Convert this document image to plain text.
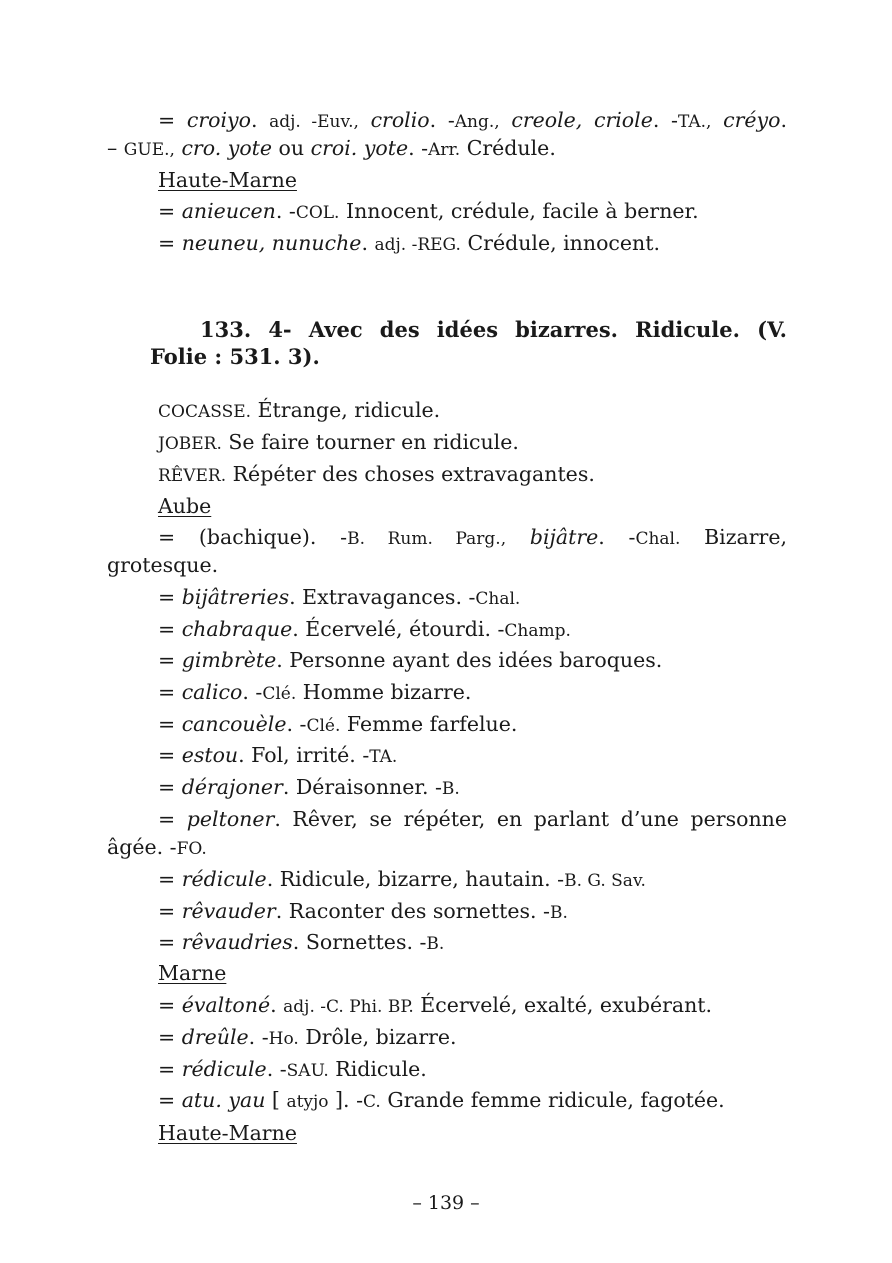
= croiyo. adj. -Euv., crolio. -Ang., creole, criole. -TA., créyo.
– GUE., cro. yote ou croi. yote. -Arr. Crédule.
Haute-Marne
= anieucen. -COL. Innocent, crédule, facile à berner.
= neuneu, nunuche. adj. -REG. Crédule, innocent.
133. 4- Avec des idées bizarres. Ridicule. (V.
Folie : 531. 3).
COCASSE. Étrange, ridicule.
JOBER. Se faire tourner en ridicule.
RÊVER. Répéter des choses extravagantes.
Aube
= (bachique). -B. Rum. Parg., bijâtre. -Chal. Bizarre,
grotesque.
= bijâtreries. Extravagances. -Chal.
= chabraque. Écervelé, étourdi. -Champ.
= gimbrète. Personne ayant des idées baroques.
= calico. -Clé. Homme bizarre.
= cancouèle. -Clé. Femme farfelue.
= estou. Fol, irrité. -TA.
= dérajoner. Déraisonner. -B.
= peltoner. Rêver, se répéter, en parlant d’une personne
âgée. -FO.
= rédicule. Ridicule, bizarre, hautain. -B. G. Sav.
= rêvauder. Raconter des sornettes. -B.
= rêvaudries. Sornettes. -B.
Marne
= évaltoné. adj. -C. Phi. BP. Écervelé, exalté, exubérant.
= dreûle. -Ho. Drôle, bizarre.
= rédicule. -SAU. Ridicule.
= atu. yau [ atyjo ]. -C. Grande femme ridicule, fagotée.
Haute-Marne
– 139 –
